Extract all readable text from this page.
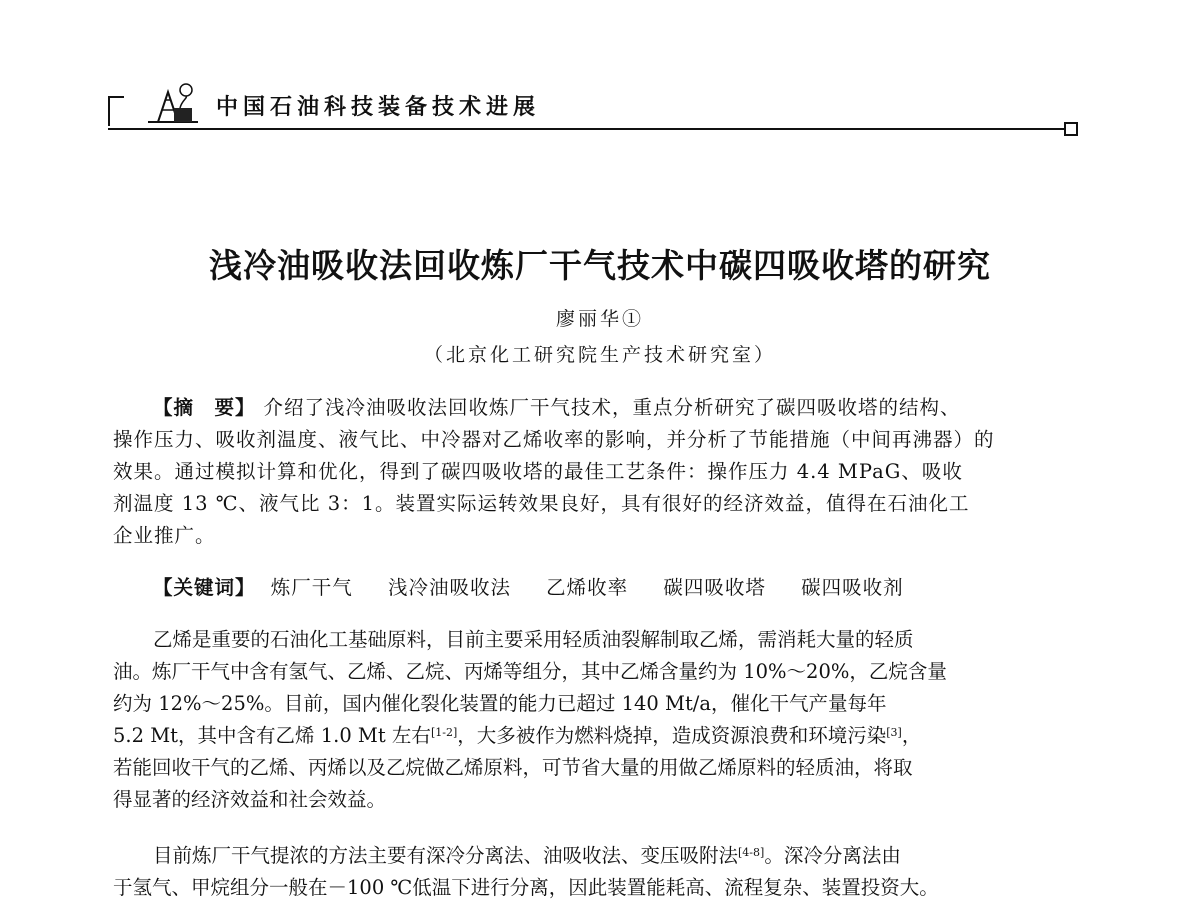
中国石油科技装备技术进展
浅冷油吸收法回收炼厂干气技术中碳四吸收塔的研究
廖丽华①
（北京化工研究院生产技术研究室）
【摘　要】 介绍了浅冷油吸收法回收炼厂干气技术，重点分析研究了碳四吸收塔的结构、
操作压力、吸收剂温度、液气比、中冷器对乙烯收率的影响，并分析了节能措施（中间再沸器）的
效果。通过模拟计算和优化，得到了碳四吸收塔的最佳工艺条件：操作压力 4.4 MPaG、吸收
剂温度 13 ℃、液气比 3：1。装置实际运转效果良好，具有很好的经济效益，值得在石油化工
企业推广。
【关键词】 炼厂干气 浅冷油吸收法 乙烯收率 碳四吸收塔 碳四吸收剂
乙烯是重要的石油化工基础原料，目前主要采用轻质油裂解制取乙烯，需消耗大量的轻质
油。炼厂干气中含有氢气、乙烯、乙烷、丙烯等组分，其中乙烯含量约为 10%～20%，乙烷含量
约为 12%～25%。目前，国内催化裂化装置的能力已超过 140 Mt/a，催化干气产量每年
5.2 Mt，其中含有乙烯 1.0 Mt 左右[1-2]，大多被作为燃料烧掉，造成资源浪费和环境污染[3]，
若能回收干气的乙烯、丙烯以及乙烷做乙烯原料，可节省大量的用做乙烯原料的轻质油，将取
得显著的经济效益和社会效益。
目前炼厂干气提浓的方法主要有深冷分离法、油吸收法、变压吸附法[4-8]。深冷分离法由
于氢气、甲烷组分一般在－100 ℃低温下进行分离，因此装置能耗高、流程复杂、装置投资大。
